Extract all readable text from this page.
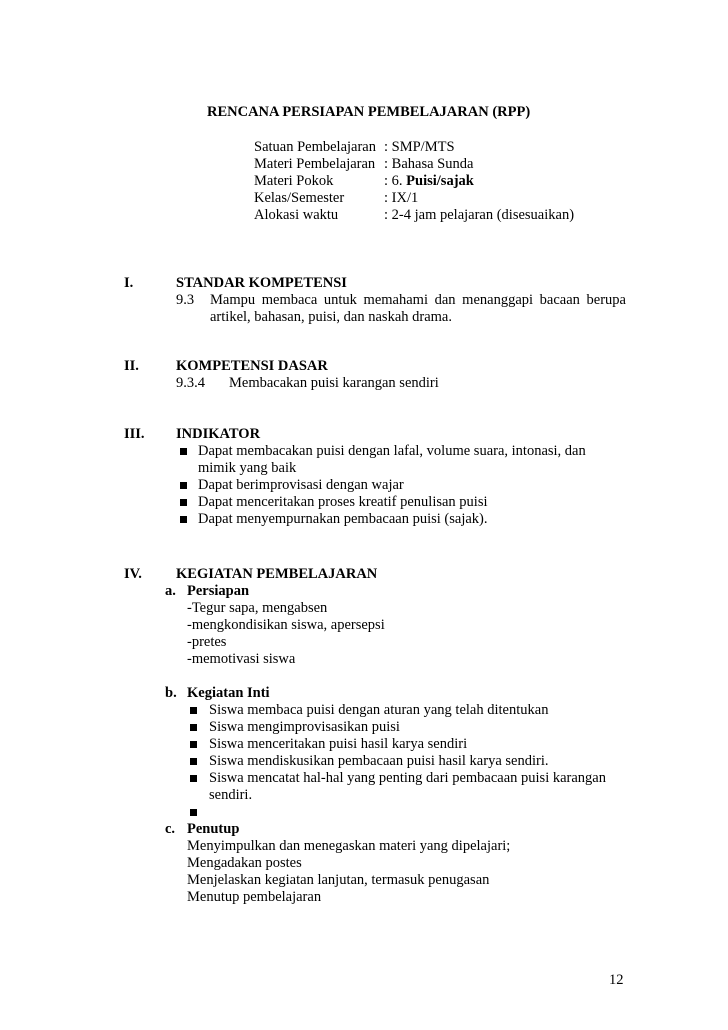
RENCANA PERSIAPAN PEMBELAJARAN (RPP)
Satuan Pembelajaran : SMP/MTS
Materi Pembelajaran : Bahasa Sunda
Materi Pokok	: 6. Puisi/sajak
Kelas/Semester	: IX/1
Alokasi waktu	: 2-4 jam pelajaran (disesuaikan)
I.	STANDAR KOMPETENSI
9.3 Mampu membaca untuk memahami dan menanggapi bacaan berupa
artikel, bahasan, puisi, dan naskah drama.
II.	KOMPETENSI DASAR
9.3.4 Membacakan puisi karangan sendiri
III. INDIKATOR
Dapat membacakan puisi dengan lafal, volume suara, intonasi, dan
mimik yang baik
Dapat berimprovisasi dengan wajar
Dapat menceritakan proses kreatif penulisan puisi
Dapat menyempurnakan pembacaan puisi (sajak).
IV. KEGIATAN PEMBELAJARAN
a. Persiapan
-Tegur sapa, mengabsen
-mengkondisikan siswa, apersepsi
-pretes
-memotivasi siswa
b. Kegiatan Inti
Siswa membaca puisi dengan aturan yang telah ditentukan
Siswa mengimprovisasikan puisi
Siswa menceritakan puisi hasil karya sendiri
Siswa mendiskusikan pembacaan puisi hasil karya sendiri.
Siswa mencatat hal-hal yang penting dari pembacaan puisi karangan
sendiri.
c. Penutup
Menyimpulkan dan menegaskan materi yang dipelajari;
Mengadakan postes
Menjelaskan kegiatan lanjutan, termasuk penugasan
Menutup pembelajaran
12
